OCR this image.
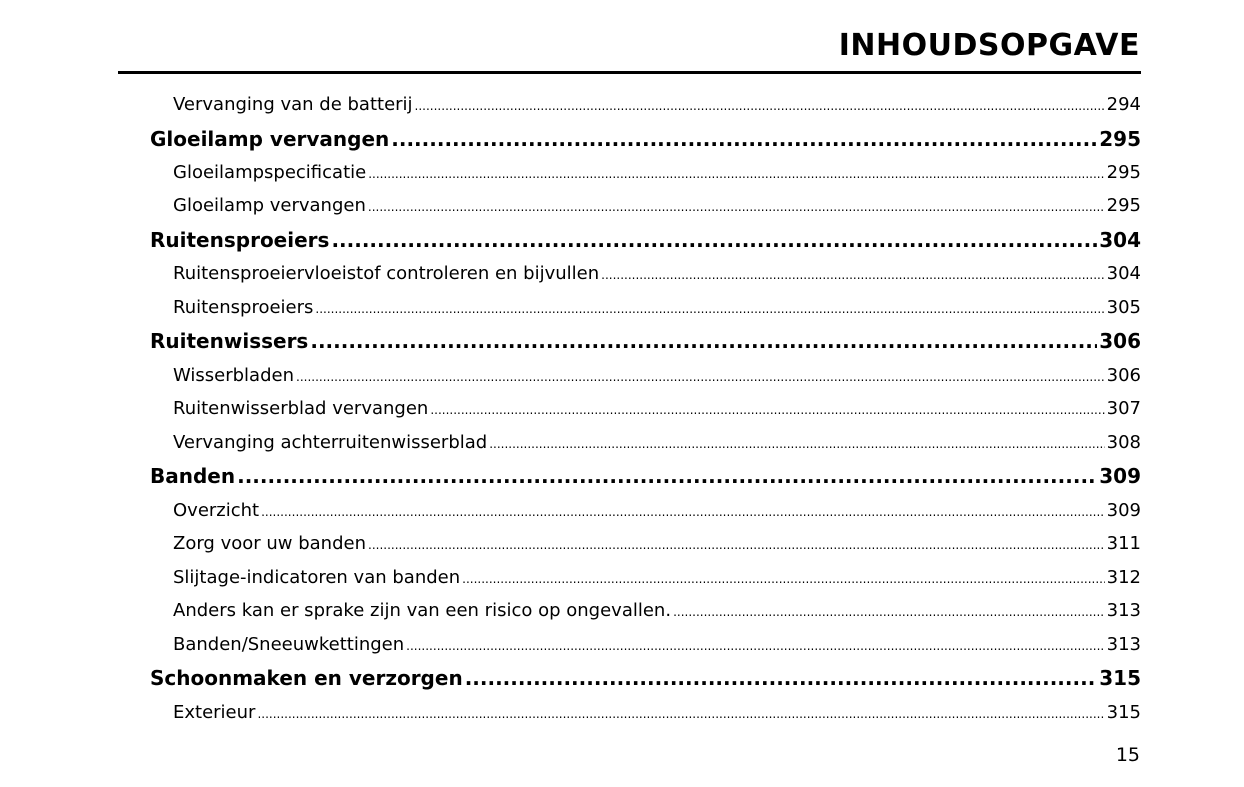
INHOUDSOPGAVE
Vervanging van de batterij .....	294
Gloeilamp vervangen .....	295
Gloeilampspecificatie .....	295
Gloeilamp vervangen .....	295
Ruitensproeiers .....	304
Ruitensproeiervloeistof controleren en bijvullen .....	304
Ruitensproeiers .....	305
Ruitenwissers .....	306
Wisserbladen .....	306
Ruitenwisserblad vervangen .....	307
Vervanging achterruitenwisserblad .....	308
Banden .....	309
Overzicht .....	309
Zorg voor uw banden .....	311
Slijtage-indicatoren van banden .....	312
Anders kan er sprake zijn van een risico op ongevallen. .....	313
Banden/Sneeuwkettingen .....	313
Schoonmaken en verzorgen .....	315
Exterieur .....	315
15
